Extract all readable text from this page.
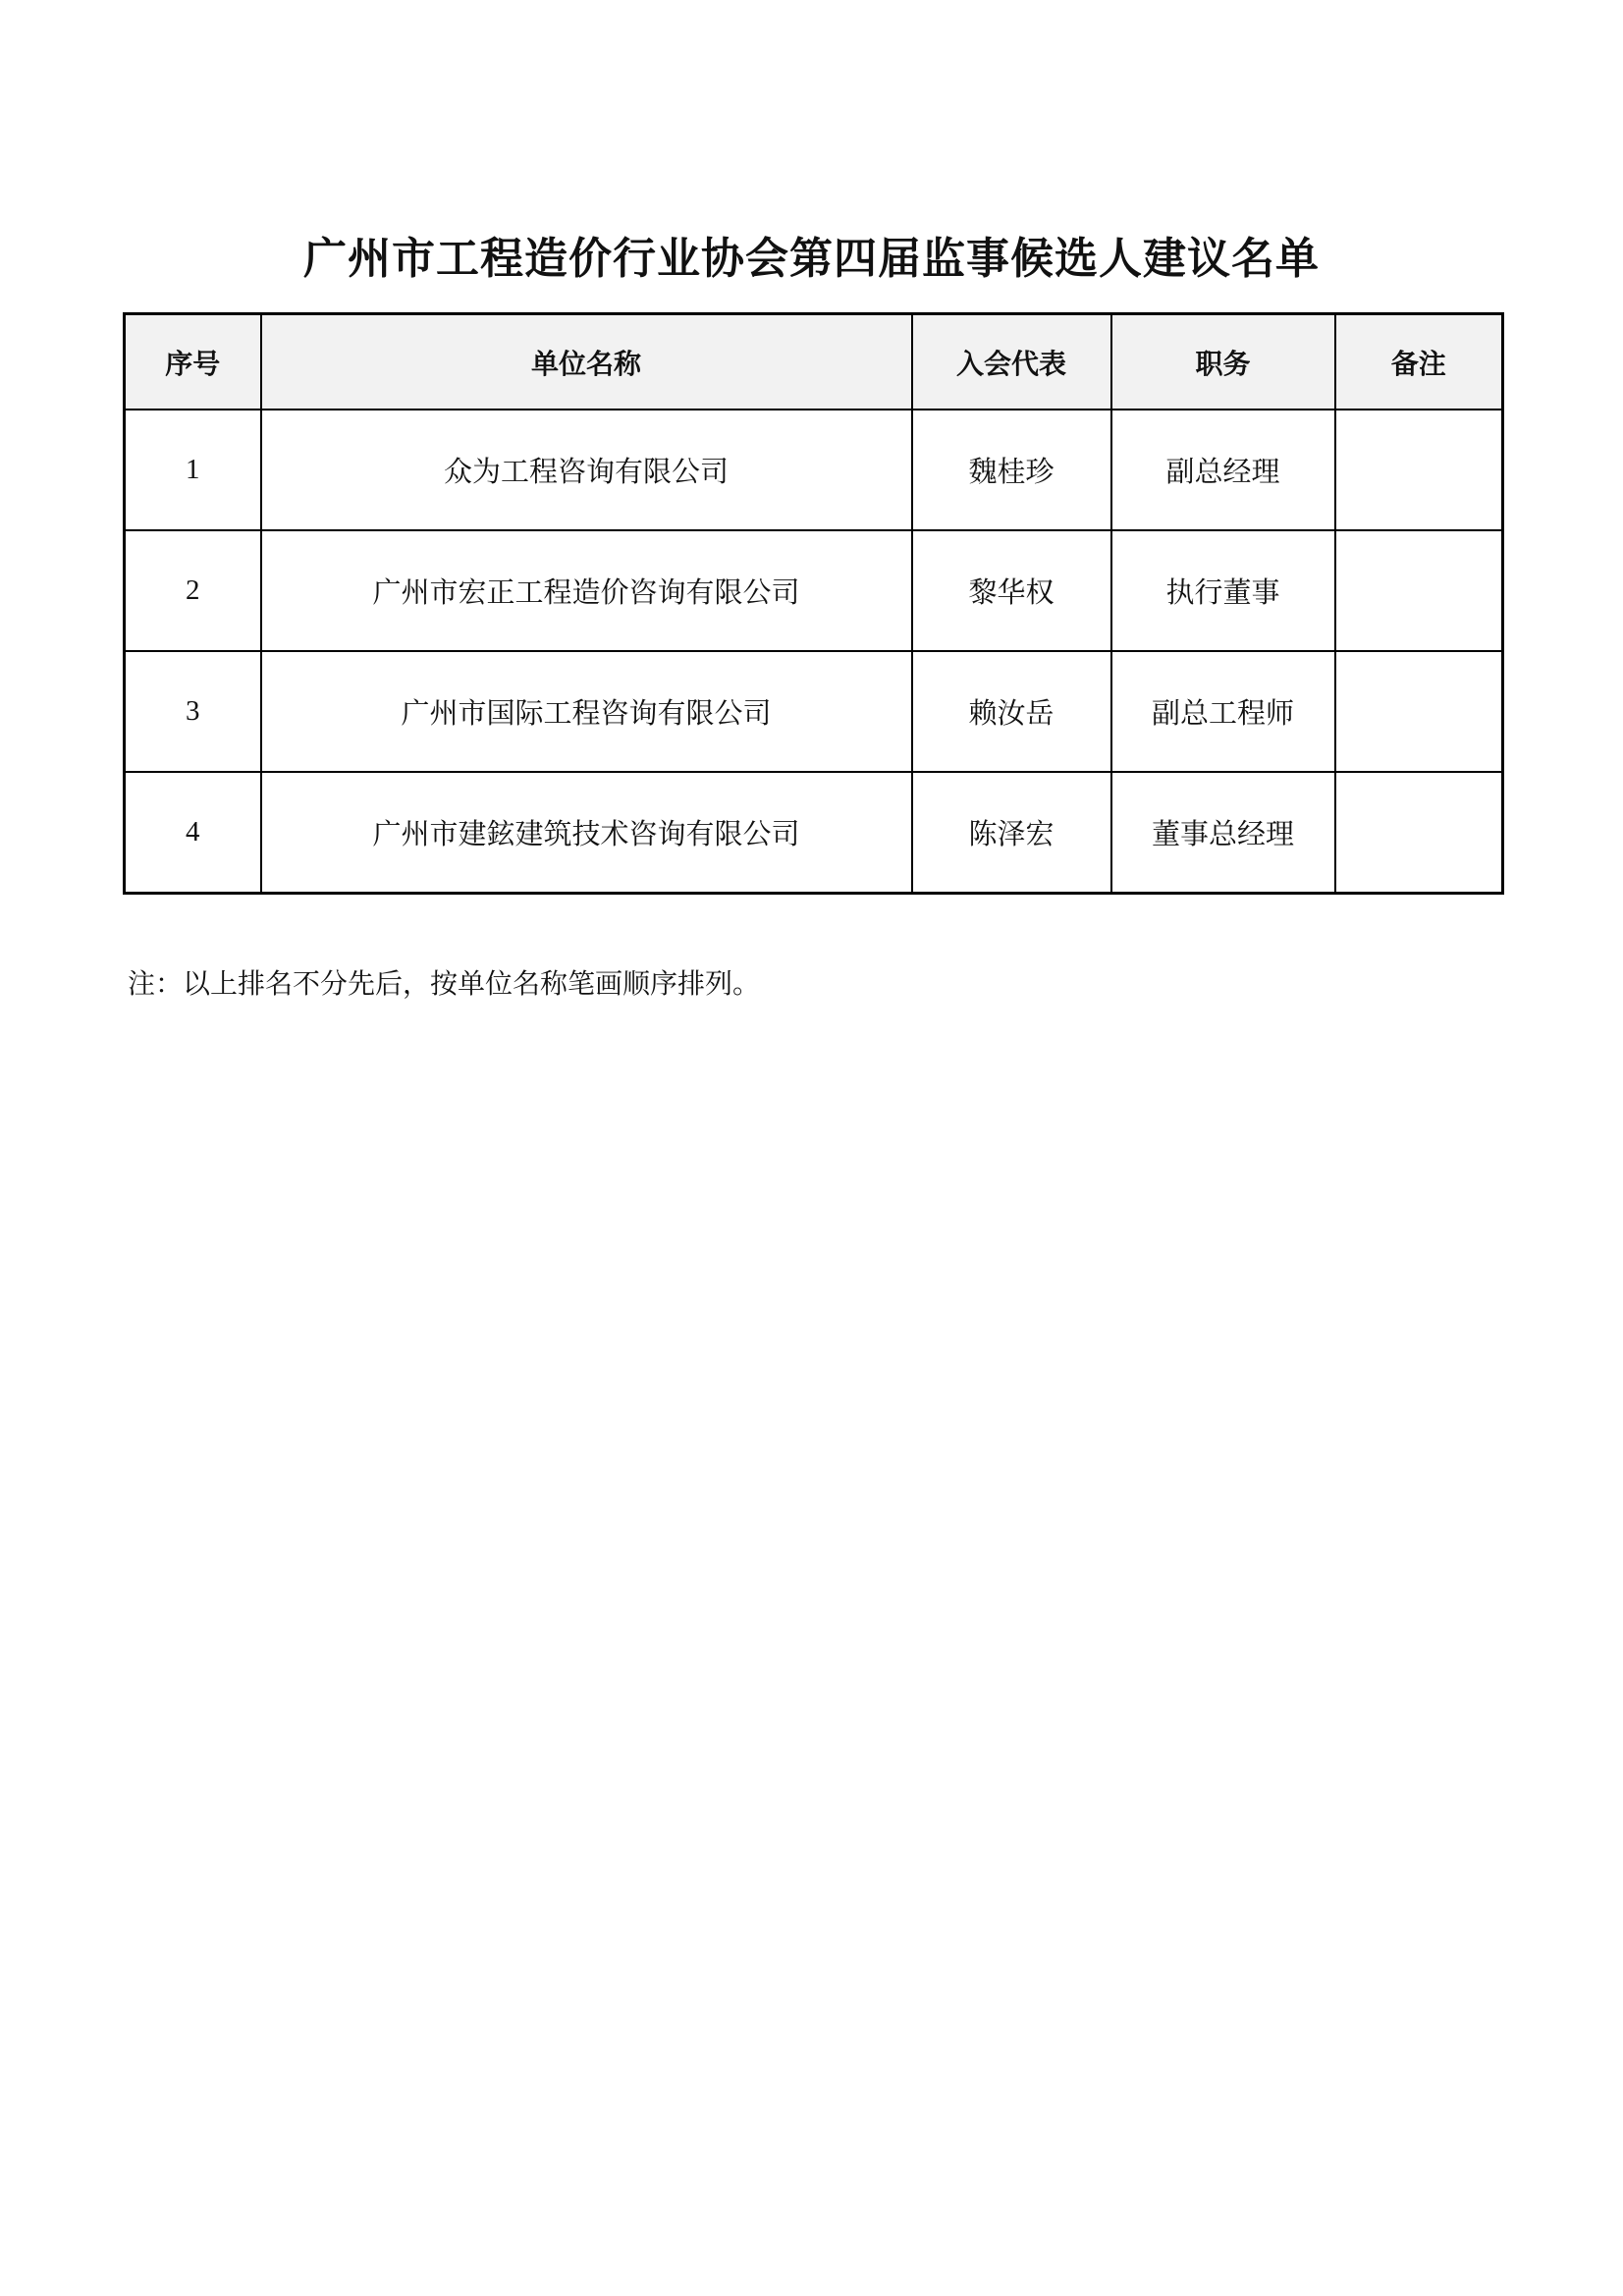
广州市工程造价行业协会第四届监事候选人建议名单
序号	单位名称	入会代表	职务	备注
1	众为工程咨询有限公司	魏桂珍	副总经理	
2	广州市宏正工程造价咨询有限公司	黎华权	执行董事	
3	广州市国际工程咨询有限公司	赖汝岳	副总工程师	
4	广州市建鉉建筑技术咨询有限公司	陈泽宏	董事总经理	
注：以上排名不分先后，按单位名称笔画顺序排列。
